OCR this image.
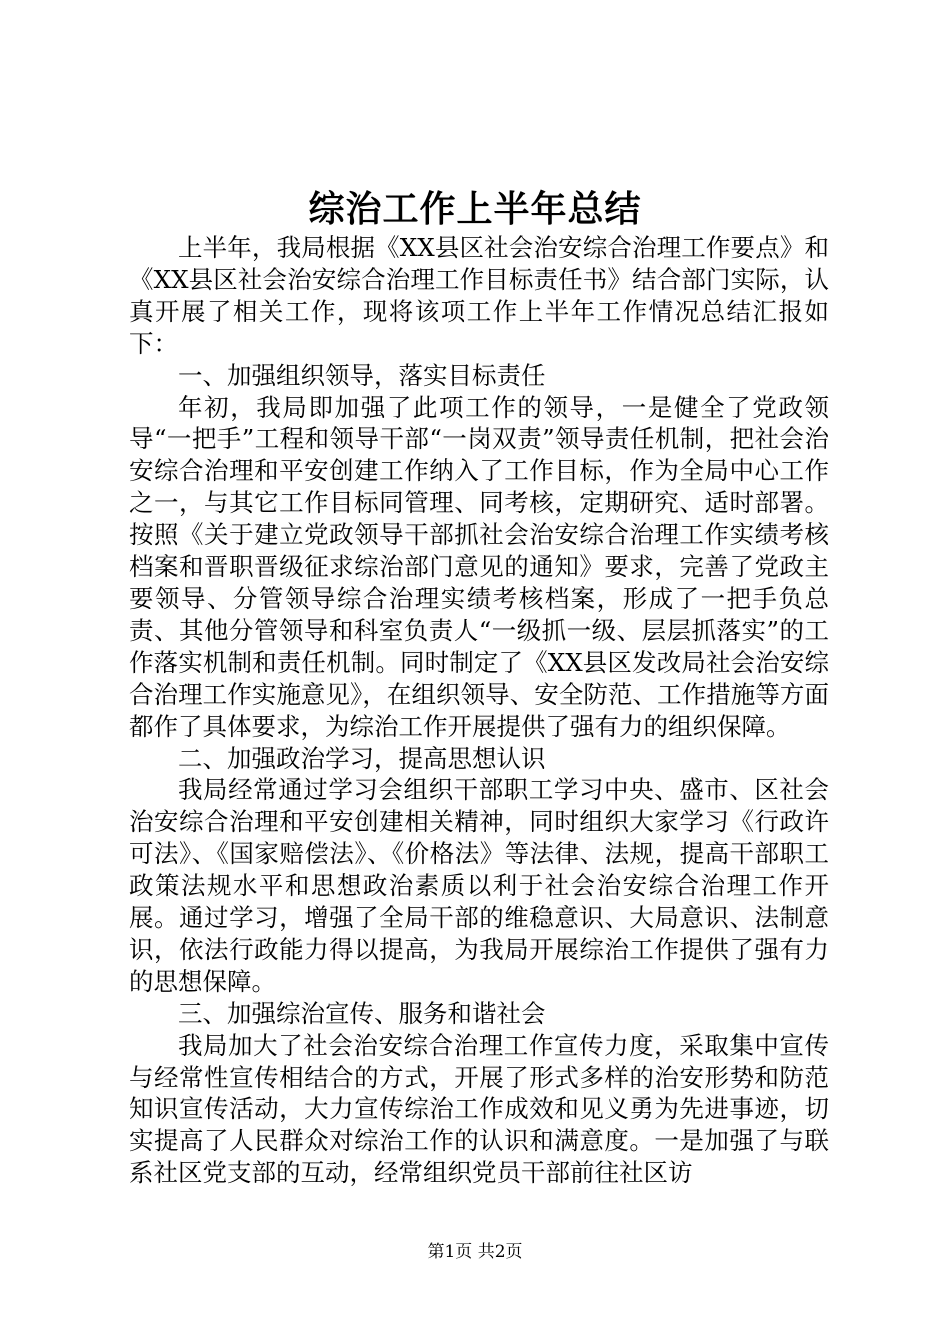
综治工作上半年总结

上半年，我局根据《XX县区社会治安综合治理工作要点》和《XX县区社会治安综合治理工作目标责任书》结合部门实际，认真开展了相关工作，现将该项工作上半年工作情况总结汇报如下：

一、加强组织领导，落实目标责任

年初，我局即加强了此项工作的领导，一是健全了党政领导“一把手”工程和领导干部“一岗双责”领导责任机制，把社会治安综合治理和平安创建工作纳入了工作目标，作为全局中心工作之一，与其它工作目标同管理、同考核，定期研究、适时部署。按照《关于建立党政领导干部抓社会治安综合治理工作实绩考核档案和晋职晋级征求综治部门意见的通知》要求，完善了党政主要领导、分管领导综合治理实绩考核档案，形成了一把手负总责、其他分管领导和科室负责人“一级抓一级、层层抓落实”的工作落实机制和责任机制。同时制定了《XX县区发改局社会治安综合治理工作实施意见》，在组织领导、安全防范、工作措施等方面都作了具体要求，为综治工作开展提供了强有力的组织保障。

二、加强政治学习，提高思想认识

我局经常通过学习会组织干部职工学习中央、盛市、区社会治安综合治理和平安创建相关精神，同时组织大家学习《行政许可法》、《国家赔偿法》、《价格法》等法律、法规，提高干部职工政策法规水平和思想政治素质以利于社会治安综合治理工作开展。通过学习，增强了全局干部的维稳意识、大局意识、法制意识，依法行政能力得以提高，为我局开展综治工作提供了强有力的思想保障。

三、加强综治宣传、服务和谐社会

我局加大了社会治安综合治理工作宣传力度，采取集中宣传与经常性宣传相结合的方式，开展了形式多样的治安形势和防范知识宣传活动，大力宣传综治工作成效和见义勇为先进事迹，切实提高了人民群众对综治工作的认识和满意度。一是加强了与联系社区党支部的互动，经常组织党员干部前往社区访

第1页 共2页
